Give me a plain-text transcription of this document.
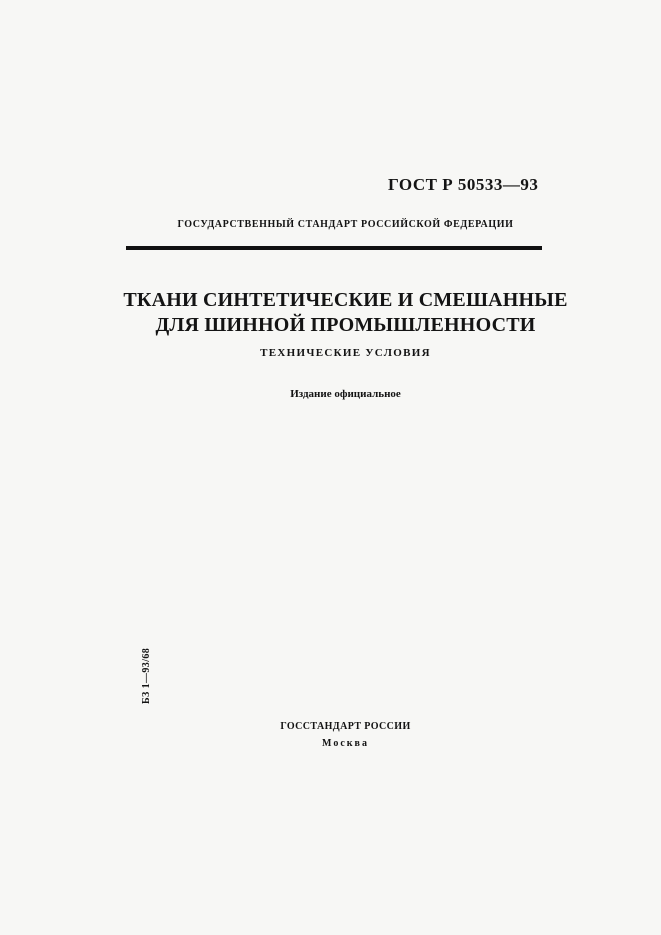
ГОСТ Р 50533—93
ГОСУДАРСТВЕННЫЙ СТАНДАРТ РОССИЙСКОЙ ФЕДЕРАЦИИ
ТКАНИ СИНТЕТИЧЕСКИЕ И СМЕШАННЫЕ
ДЛЯ ШИННОЙ ПРОМЫШЛЕННОСТИ
ТЕХНИЧЕСКИЕ УСЛОВИЯ
Издание официальное
БЗ 1—93/68
ГОССТАНДАРТ РОССИИ
Москва
